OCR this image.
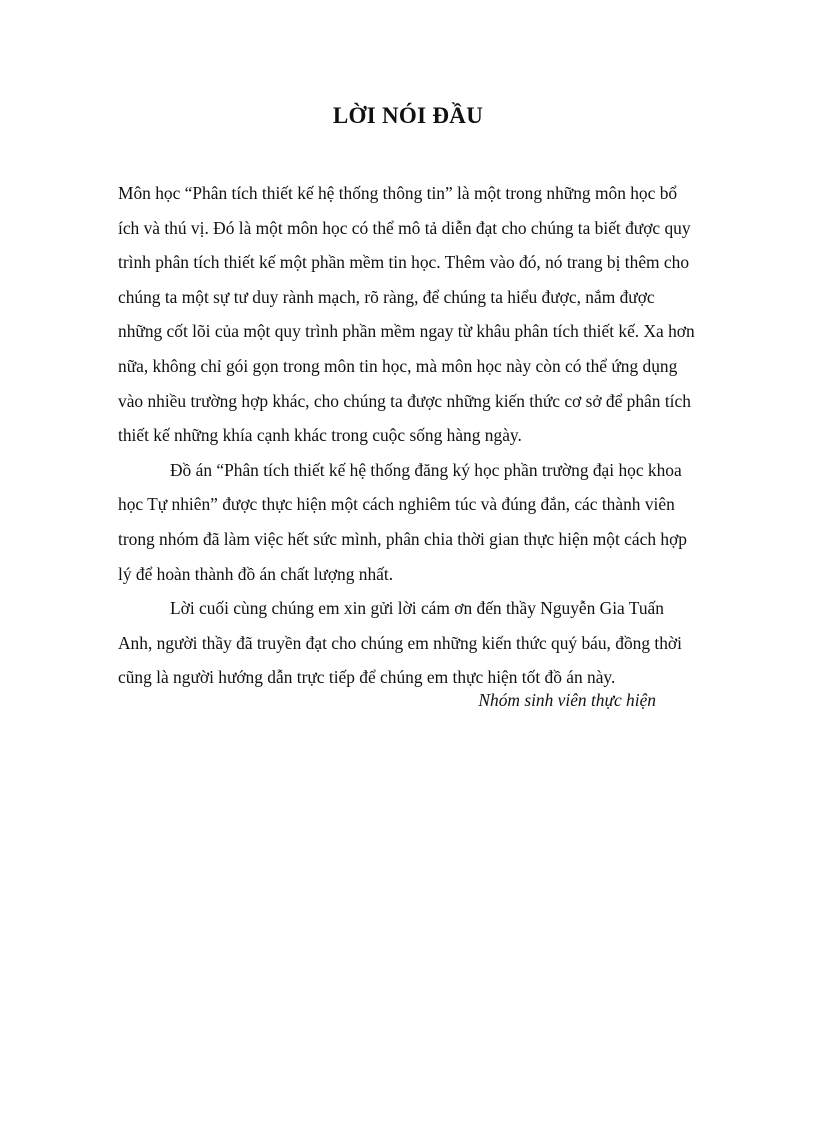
LỜI NÓI ĐẦU
Môn học “Phân tích thiết kế hệ thống thông tin” là một trong những môn học bổ
ích và thú vị. Đó là một môn học có thể mô tả diễn đạt cho chúng ta biết được quy
trình phân tích thiết kế một phần mềm tin học. Thêm vào đó, nó trang bị thêm cho
chúng ta một sự tư duy rành mạch, rõ ràng, để chúng ta hiểu được, nắm được
những cốt lõi của một quy trình phần mềm ngay từ khâu phân tích thiết kế. Xa hơn
nữa, không chỉ gói gọn trong môn tin học, mà môn học này còn có thể ứng dụng
vào nhiều trường hợp khác, cho chúng ta được những kiến thức cơ sở để phân tích
thiết kế những khía cạnh khác trong cuộc sống hàng ngày.
Đồ án “Phân tích thiết kế hệ thống đăng ký học phần trường đại học khoa
học Tự nhiên” được thực hiện một cách nghiêm túc và đúng đắn, các thành viên
trong nhóm đã làm việc hết sức mình, phân chia thời gian thực hiện một cách hợp
lý để hoàn thành đồ án chất lượng nhất.
Lời cuối cùng chúng em xin gửi lời cám ơn đến thầy Nguyễn Gia Tuấn
Anh, người thầy đã truyền đạt cho chúng em những kiến thức quý báu, đồng thời
cũng là người hướng dẫn trực tiếp để chúng em thực hiện tốt đồ án này.
Nhóm sinh viên thực hiện
